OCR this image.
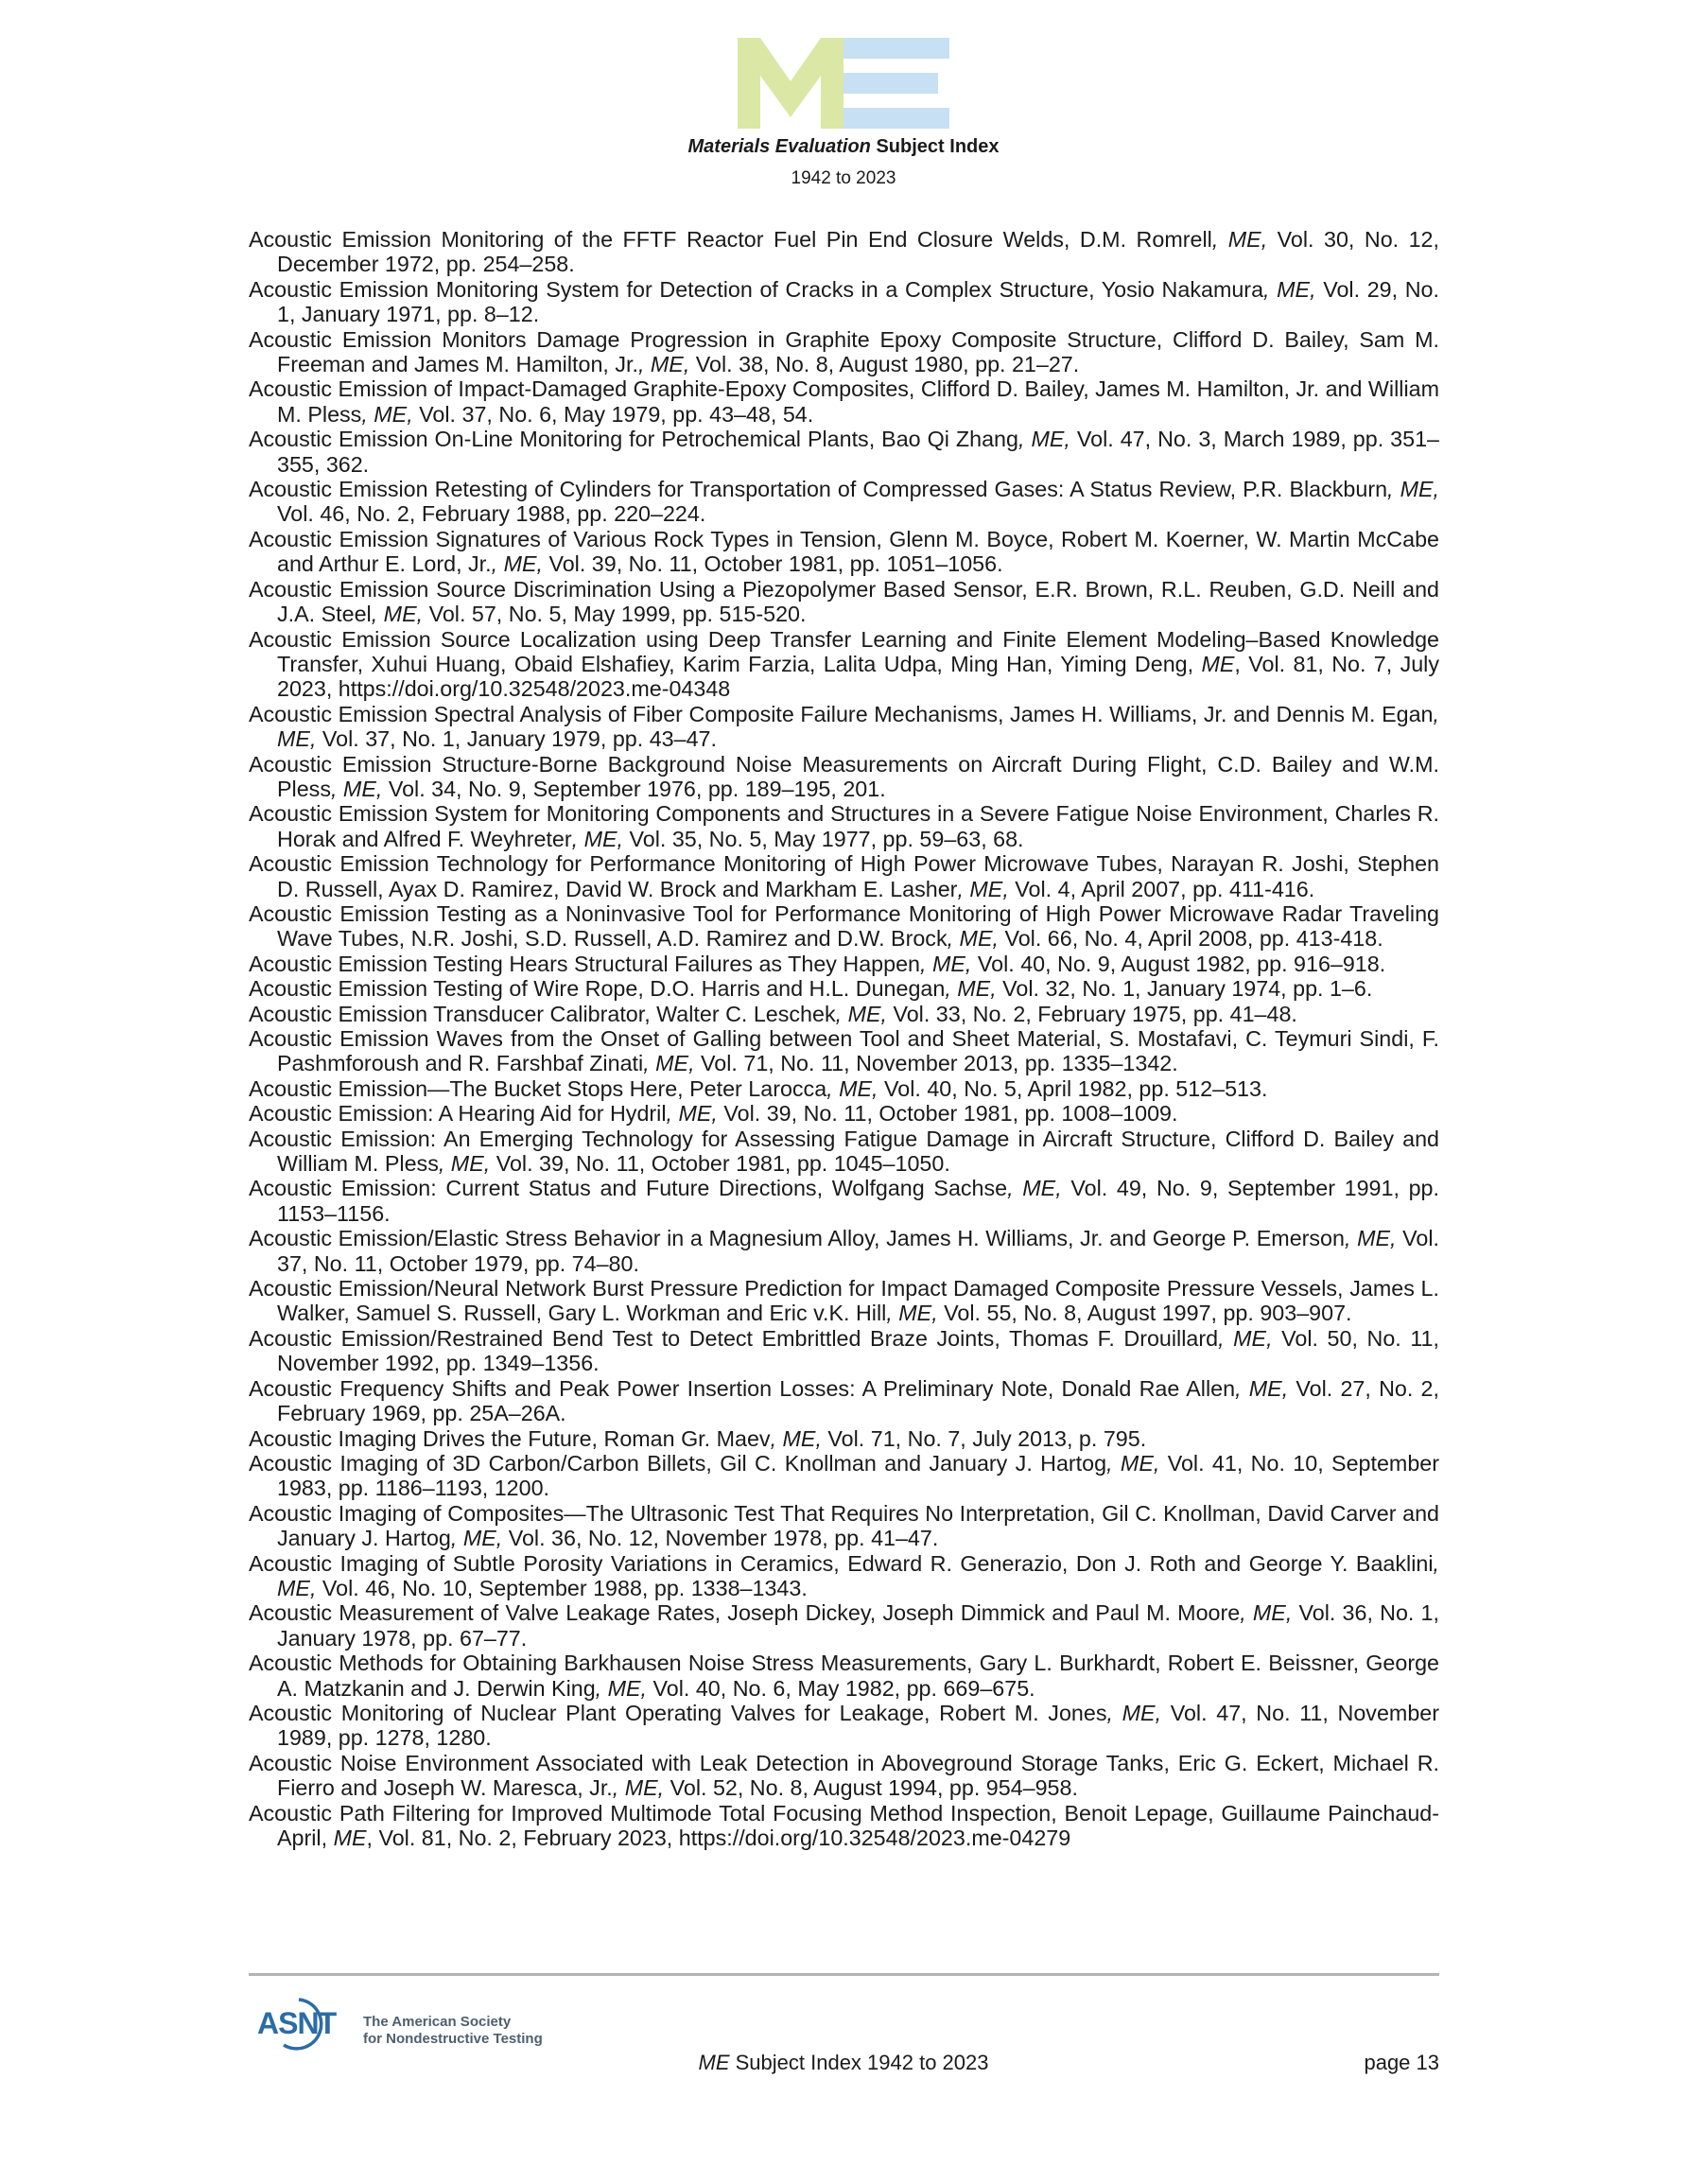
Materials Evaluation Subject Index
1942 to 2023

Acoustic Emission Monitoring of the FFTF Reactor Fuel Pin End Closure Welds, D.M. Romrell, ME, Vol. 30, No. 12, December 1972, pp. 254–258.

Acoustic Emission Monitoring System for Detection of Cracks in a Complex Structure, Yosio Nakamura, ME, Vol. 29, No. 1, January 1971, pp. 8–12.

Acoustic Emission Monitors Damage Progression in Graphite Epoxy Composite Structure, Clifford D. Bailey, Sam M. Freeman and James M. Hamilton, Jr., ME, Vol. 38, No. 8, August 1980, pp. 21–27.

Acoustic Emission of Impact-Damaged Graphite-Epoxy Composites, Clifford D. Bailey, James M. Hamilton, Jr. and William M. Pless, ME, Vol. 37, No. 6, May 1979, pp. 43–48, 54.

Acoustic Emission On-Line Monitoring for Petrochemical Plants, Bao Qi Zhang, ME, Vol. 47, No. 3, March 1989, pp. 351–355, 362.

Acoustic Emission Retesting of Cylinders for Transportation of Compressed Gases: A Status Review, P.R. Blackburn, ME, Vol. 46, No. 2, February 1988, pp. 220–224.

Acoustic Emission Signatures of Various Rock Types in Tension, Glenn M. Boyce, Robert M. Koerner, W. Martin McCabe and Arthur E. Lord, Jr., ME, Vol. 39, No. 11, October 1981, pp. 1051–1056.

Acoustic Emission Source Discrimination Using a Piezopolymer Based Sensor, E.R. Brown, R.L. Reuben, G.D. Neill and J.A. Steel, ME, Vol. 57, No. 5, May 1999, pp. 515-520.

Acoustic Emission Source Localization using Deep Transfer Learning and Finite Element Modeling–Based Knowledge Transfer, Xuhui Huang, Obaid Elshafiey, Karim Farzia, Lalita Udpa, Ming Han, Yiming Deng, ME, Vol. 81, No. 7, July 2023, https://doi.org/10.32548/2023.me-04348

Acoustic Emission Spectral Analysis of Fiber Composite Failure Mechanisms, James H. Williams, Jr. and Dennis M. Egan, ME, Vol. 37, No. 1, January 1979, pp. 43–47.

Acoustic Emission Structure-Borne Background Noise Measurements on Aircraft During Flight, C.D. Bailey and W.M. Pless, ME, Vol. 34, No. 9, September 1976, pp. 189–195, 201.

Acoustic Emission System for Monitoring Components and Structures in a Severe Fatigue Noise Environment, Charles R. Horak and Alfred F. Weyhreter, ME, Vol. 35, No. 5, May 1977, pp. 59–63, 68.

Acoustic Emission Technology for Performance Monitoring of High Power Microwave Tubes, Narayan R. Joshi, Stephen D. Russell, Ayax D. Ramirez, David W. Brock and Markham E. Lasher, ME, Vol. 4, April 2007, pp. 411-416.

Acoustic Emission Testing as a Noninvasive Tool for Performance Monitoring of High Power Microwave Radar Traveling Wave Tubes, N.R. Joshi, S.D. Russell, A.D. Ramirez and D.W. Brock, ME, Vol. 66, No. 4, April 2008, pp. 413-418.

Acoustic Emission Testing Hears Structural Failures as They Happen, ME, Vol. 40, No. 9, August 1982, pp. 916–918.

Acoustic Emission Testing of Wire Rope, D.O. Harris and H.L. Dunegan, ME, Vol. 32, No. 1, January 1974, pp. 1–6.

Acoustic Emission Transducer Calibrator, Walter C. Leschek, ME, Vol. 33, No. 2, February 1975, pp. 41–48.

Acoustic Emission Waves from the Onset of Galling between Tool and Sheet Material, S. Mostafavi, C. Teymuri Sindi, F. Pashmforoush and R. Farshbaf Zinati, ME, Vol. 71, No. 11, November 2013, pp. 1335–1342.

Acoustic Emission—The Bucket Stops Here, Peter Larocca, ME, Vol. 40, No. 5, April 1982, pp. 512–513.

Acoustic Emission: A Hearing Aid for Hydril, ME, Vol. 39, No. 11, October 1981, pp. 1008–1009.

Acoustic Emission: An Emerging Technology for Assessing Fatigue Damage in Aircraft Structure, Clifford D. Bailey and William M. Pless, ME, Vol. 39, No. 11, October 1981, pp. 1045–1050.

Acoustic Emission: Current Status and Future Directions, Wolfgang Sachse, ME, Vol. 49, No. 9, September 1991, pp. 1153–1156.

Acoustic Emission/Elastic Stress Behavior in a Magnesium Alloy, James H. Williams, Jr. and George P. Emerson, ME, Vol. 37, No. 11, October 1979, pp. 74–80.

Acoustic Emission/Neural Network Burst Pressure Prediction for Impact Damaged Composite Pressure Vessels, James L. Walker, Samuel S. Russell, Gary L. Workman and Eric v.K. Hill, ME, Vol. 55, No. 8, August 1997, pp. 903–907.

Acoustic Emission/Restrained Bend Test to Detect Embrittled Braze Joints, Thomas F. Drouillard, ME, Vol. 50, No. 11, November 1992, pp. 1349–1356.

Acoustic Frequency Shifts and Peak Power Insertion Losses: A Preliminary Note, Donald Rae Allen, ME, Vol. 27, No. 2, February 1969, pp. 25A–26A.

Acoustic Imaging Drives the Future, Roman Gr. Maev, ME, Vol. 71, No. 7, July 2013, p. 795.

Acoustic Imaging of 3D Carbon/Carbon Billets, Gil C. Knollman and January J. Hartog, ME, Vol. 41, No. 10, September 1983, pp. 1186–1193, 1200.

Acoustic Imaging of Composites—The Ultrasonic Test That Requires No Interpretation, Gil C. Knollman, David Carver and January J. Hartog, ME, Vol. 36, No. 12, November 1978, pp. 41–47.

Acoustic Imaging of Subtle Porosity Variations in Ceramics, Edward R. Generazio, Don J. Roth and George Y. Baaklini, ME, Vol. 46, No. 10, September 1988, pp. 1338–1343.

Acoustic Measurement of Valve Leakage Rates, Joseph Dickey, Joseph Dimmick and Paul M. Moore, ME, Vol. 36, No. 1, January 1978, pp. 67–77.

Acoustic Methods for Obtaining Barkhausen Noise Stress Measurements, Gary L. Burkhardt, Robert E. Beissner, George A. Matzkanin and J. Derwin King, ME, Vol. 40, No. 6, May 1982, pp. 669–675.

Acoustic Monitoring of Nuclear Plant Operating Valves for Leakage, Robert M. Jones, ME, Vol. 47, No. 11, November 1989, pp. 1278, 1280.

Acoustic Noise Environment Associated with Leak Detection in Aboveground Storage Tanks, Eric G. Eckert, Michael R. Fierro and Joseph W. Maresca, Jr., ME, Vol. 52, No. 8, August 1994, pp. 954–958.

Acoustic Path Filtering for Improved Multimode Total Focusing Method Inspection, Benoit Lepage, Guillaume Painchaud-April, ME, Vol. 81, No. 2, February 2023, https://doi.org/10.32548/2023.me-04279

ASNT The American Society
for Nondestructive Testing
ME Subject Index 1942 to 2023	page 13
